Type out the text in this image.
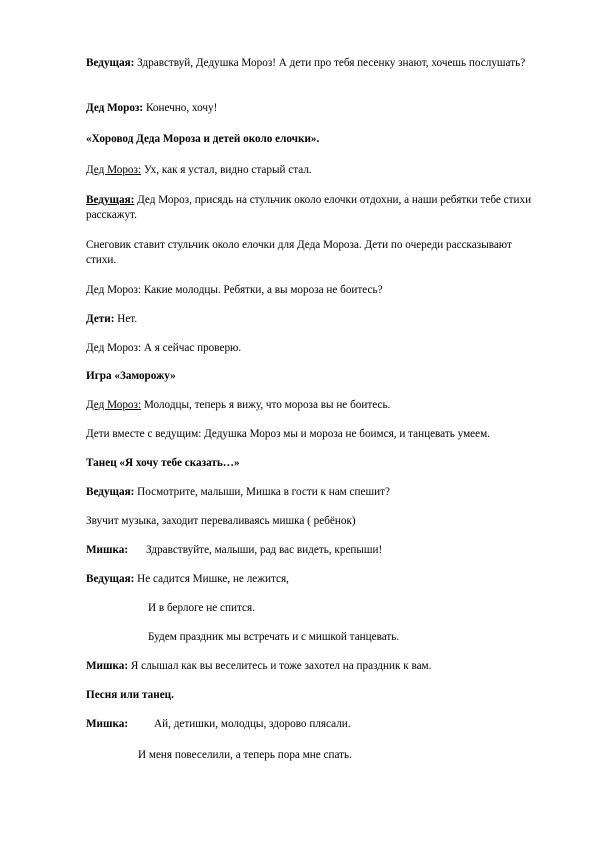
Ведущая: Здравствуй, Дедушка Мороз! А дети про тебя песенку знают, хочешь послушать?

Дед Мороз: Конечно, хочу!

«Хоровод Деда Мороза и детей около елочки».

Дед Мороз: Ух, как я устал, видно старый стал.

Ведущая: Дед Мороз, присядь на стульчик около елочки отдохни, а наши ребятки тебе стихи расскажут.

Снеговик ставит стульчик около елочки для Деда Мороза. Дети по очереди рассказывают стихи.

Дед Мороз: Какие молодцы. Ребятки, а вы мороза не боитесь?

Дети: Нет.

Дед Мороз: А я сейчас проверю.

Игра «Заморожу»

Дед Мороз: Молодцы, теперь я вижу, что мороза вы не боитесь.

Дети вместе с ведущим: Дедушка Мороз мы и мороза не боимся, и танцевать умеем.

Танец «Я хочу тебе сказать…»

Ведущая: Посмотрите, малыши, Мишка в гости к нам спешит?

Звучит музыка, заходит переваливаясь мишка ( ребёнок)

Мишка: Здравствуйте, малыши, рад вас видеть, крепыши!

Ведущая: Не садится Мишке, не лежится,

И в берлоге не спится.

Будем праздник мы встречать и с мишкой танцевать.

Мишка: Я слышал как вы веселитесь и тоже захотел на праздник к вам.

Песня или танец.

Мишка: Ай, детишки, молодцы, здорово плясали.

И меня повеселили, а теперь пора мне спать.
